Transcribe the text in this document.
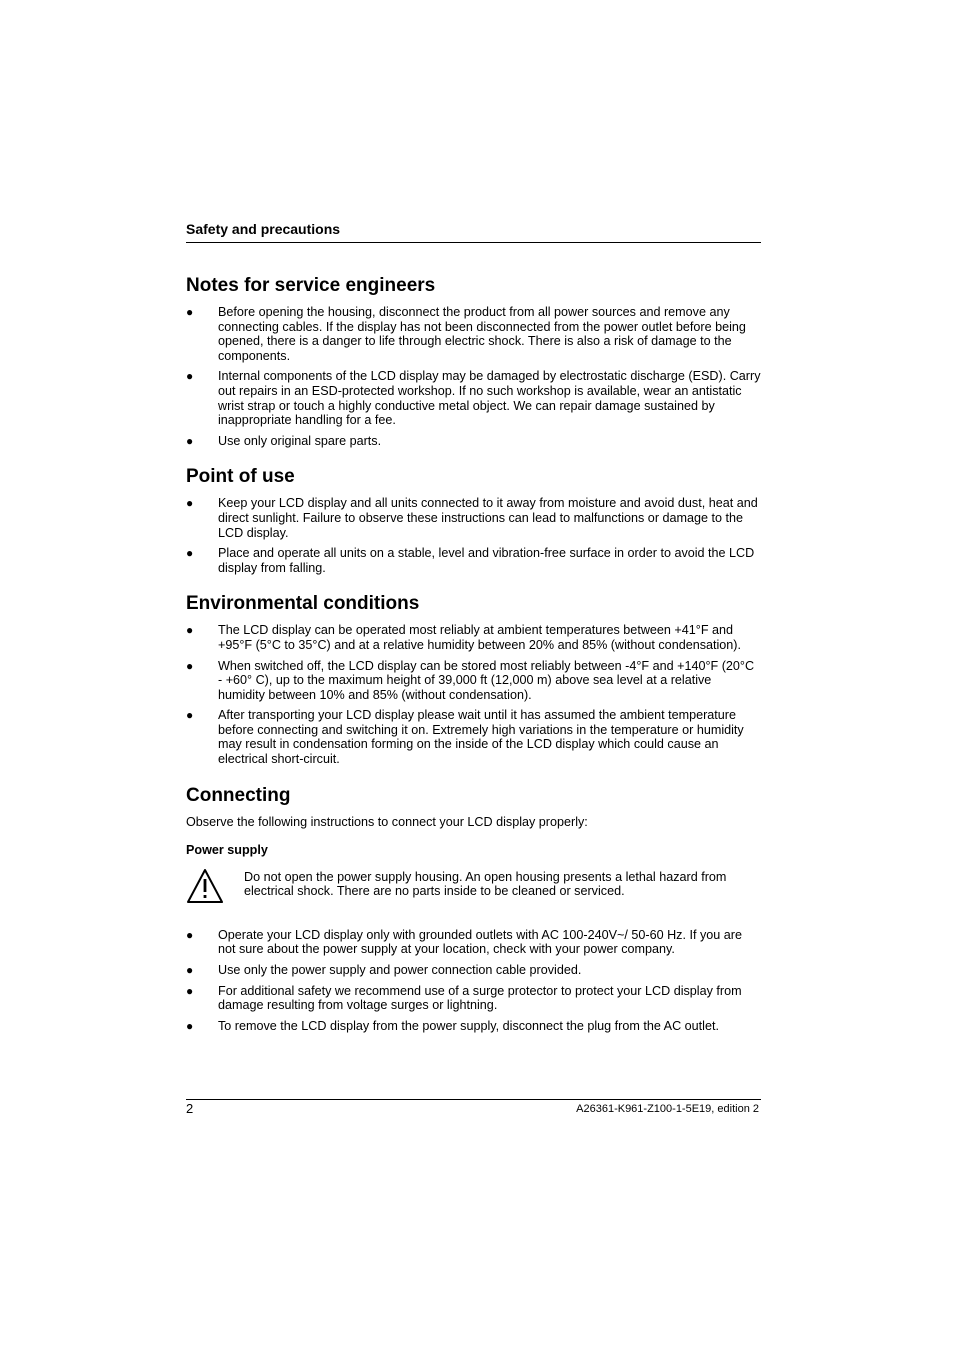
Safety and precautions
Notes for service engineers
● Before opening the housing, disconnect the product from all power sources and remove any connecting cables. If the display has not been disconnected from the power outlet before being opened, there is a danger to life through electric shock. There is also a risk of damage to the components.
● Internal components of the LCD display may be damaged by electrostatic discharge (ESD). Carry out repairs in an ESD-protected workshop. If no such workshop is available, wear an antistatic wrist strap or touch a highly conductive metal object. We can repair damage sustained by inappropriate handling for a fee.
● Use only original spare parts.
Point of use
● Keep your LCD display and all units connected to it away from moisture and avoid dust, heat and direct sunlight. Failure to observe these instructions can lead to malfunctions or damage to the LCD display.
● Place and operate all units on a stable, level and vibration-free surface in order to avoid the LCD display from falling.
Environmental conditions
● The LCD display can be operated most reliably at ambient temperatures between +41°F and +95°F (5°C to 35°C) and at a relative humidity between 20% and 85% (without condensation).
● When switched off, the LCD display can be stored most reliably between -4°F and +140°F (20°C - +60° C), up to the maximum height of 39,000 ft (12,000 m) above sea level at a relative humidity between 10% and 85% (without condensation).
● After transporting your LCD display please wait until it has assumed the ambient temperature before connecting and switching it on. Extremely high variations in the temperature or humidity may result in condensation forming on the inside of the LCD display which could cause an electrical short-circuit.
Connecting

Observe the following instructions to connect your LCD display properly:

Power supply
Do not open the power supply housing. An open housing presents a lethal hazard from electrical shock. There are no parts inside to be cleaned or serviced.
● Operate your LCD display only with grounded outlets with AC 100-240V~/ 50-60 Hz. If you are not sure about the power supply at your location, check with your power company.
● Use only the power supply and power connection cable provided.
● For additional safety we recommend use of a surge protector to protect your LCD display from damage resulting from voltage surges or lightning.
● To remove the LCD display from the power supply, disconnect the plug from the AC outlet.
2	A26361-K961-Z100-1-5E19, edition 2
